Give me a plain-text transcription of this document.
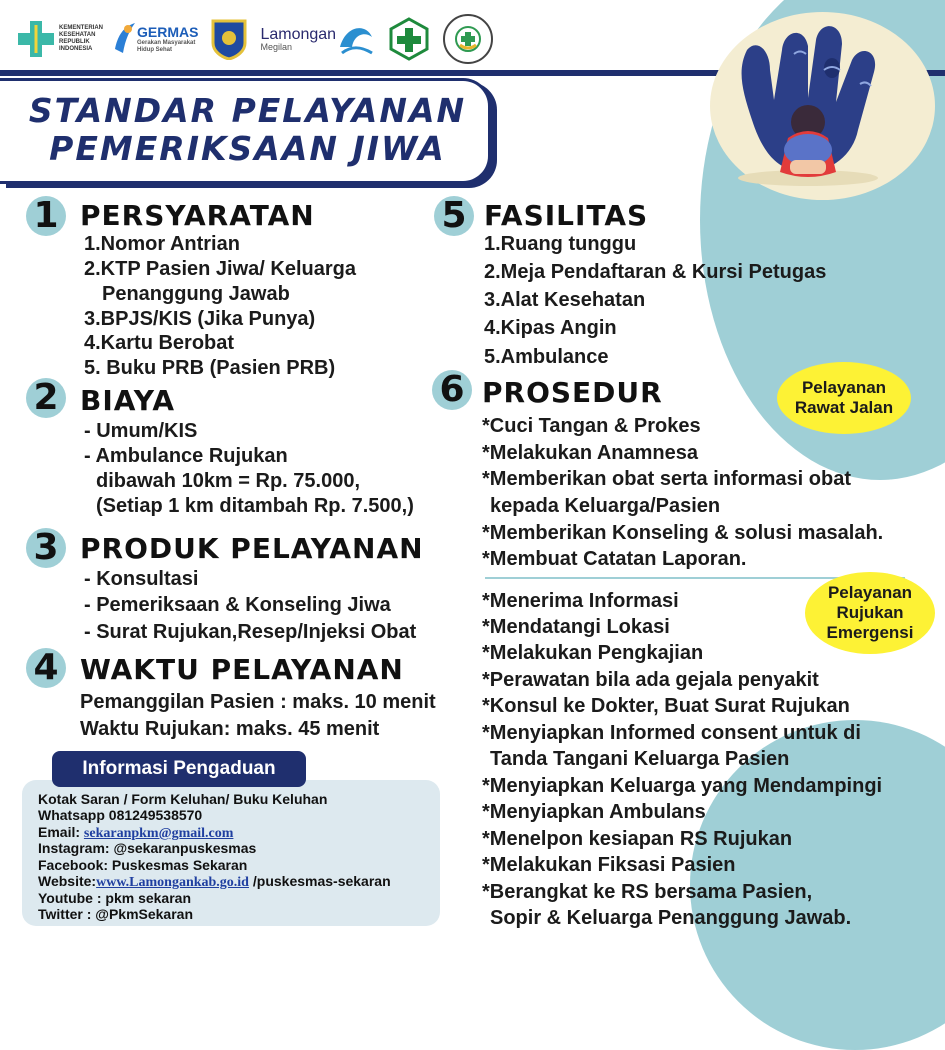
KEMENTERIAN KESEHATAN REPUBLIK INDONESIA
GERMAS
Gerakan Masyarakat Hidup Sehat
Lamongan
Megilan
STANDAR PELAYANAN
PEMERIKSAAN JIWA
1 PERSYARATAN
1.Nomor Antrian
2.KTP Pasien Jiwa/ Keluarga
Penanggung Jawab
3.BPJS/KIS (Jika Punya)
4.Kartu Berobat
5. Buku PRB (Pasien PRB)
2 BIAYA
- Umum/KIS
- Ambulance Rujukan
dibawah 10km = Rp. 75.000,
(Setiap 1 km ditambah Rp. 7.500,)
3 PRODUK PELAYANAN
- Konsultasi
- Pemeriksaan & Konseling Jiwa
- Surat Rujukan,Resep/Injeksi Obat
4 WAKTU PELAYANAN
Pemanggilan Pasien : maks. 10 menit
Waktu Rujukan: maks. 45 menit
5 FASILITAS
1.Ruang tunggu
2.Meja Pendaftaran & Kursi Petugas
3.Alat Kesehatan
4.Kipas Angin
5.Ambulance
6 PROSEDUR	Pelayanan
Rawat Jalan
*Cuci Tangan & Prokes
*Melakukan Anamnesa
*Memberikan obat serta informasi obat
kepada Keluarga/Pasien
*Memberikan Konseling & solusi masalah.
*Membuat Catatan Laporan.
Pelayanan
Rujukan
Emergensi
*Menerima Informasi
*Mendatangi Lokasi
*Melakukan Pengkajian
*Perawatan bila ada gejala penyakit
*Konsul ke Dokter, Buat Surat Rujukan
*Menyiapkan Informed consent untuk di
Tanda Tangani Keluarga Pasien
*Menyiapkan Keluarga yang Mendampingi
*Menyiapkan Ambulans
*Menelpon kesiapan RS Rujukan
*Melakukan Fiksasi Pasien
*Berangkat ke RS bersama Pasien,
Sopir & Keluarga Penanggung Jawab.
Informasi Pengaduan
Kotak Saran / Form Keluhan/ Buku Keluhan
Whatsapp 081249538570
Email: sekaranpkm@gmail.com
Instagram: @sekaranpuskesmas
Facebook: Puskesmas Sekaran
Website:www.Lamongankab.go.id /puskesmas-sekaran
Youtube : pkm sekaran
Twitter : @PkmSekaran
